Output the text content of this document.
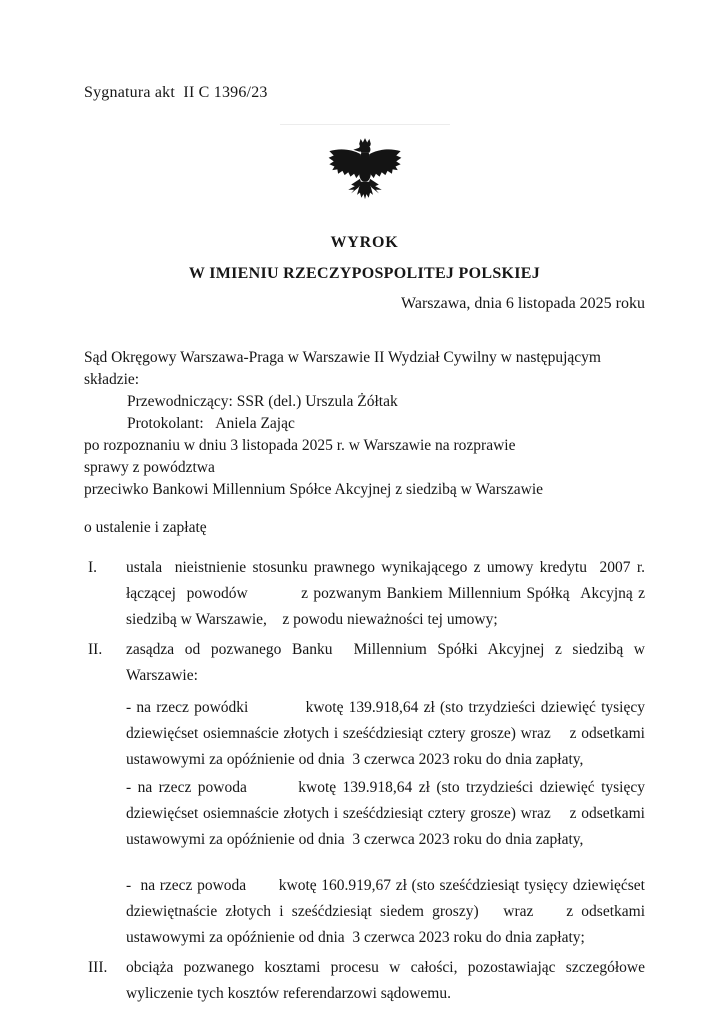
Sygnatura akt  II C 1396/23
WYROK
W IMIENIU RZECZYPOSPOLITEJ POLSKIEJ
Warszawa, dnia 6 listopada 2025 roku

Sąd Okręgowy Warszawa-Praga w Warszawie II Wydział Cywilny w następującym składzie:

Przewodniczący: SSR (del.) Urszula Żółtak

Protokolant:   Aniela Zając

po rozpoznaniu w dniu 3 listopada 2025 r. w Warszawie na rozprawie

sprawy z powództwa

przeciwko Bankowi Millennium Spółce Akcyjnej z siedzibą w Warszawie

o ustalenie i zapłatę

I.	ustala  nieistnienie stosunku prawnego wynikającego z umowy kredytu  2007 r. łączącej  powodów          z pozwanym Bankiem Millennium Spółką  Akcyjną z siedzibą w Warszawie,    z powodu nieważności tej umowy;

II.	zasądza od pozwanego Banku  Millennium Spółki Akcyjnej z siedzibą w Warszawie:

- na rzecz powódki           kwotę 139.918,64 zł (sto trzydzieści dziewięć tysięcy dziewięćset osiemnaście złotych i sześćdziesiąt cztery grosze) wraz    z odsetkami ustawowymi za opóźnienie od dnia  3 czerwca 2023 roku do dnia zapłaty,

- na rzecz powoda        kwotę 139.918,64 zł (sto trzydzieści dziewięć tysięcy dziewięćset osiemnaście złotych i sześćdziesiąt cztery grosze) wraz    z odsetkami ustawowymi za opóźnienie od dnia  3 czerwca 2023 roku do dnia zapłaty,

-  na rzecz powoda       kwotę 160.919,67 zł (sto sześćdziesiąt tysięcy dziewięćset dziewiętnaście złotych i sześćdziesiąt siedem groszy)   wraz    z odsetkami ustawowymi za opóźnienie od dnia  3 czerwca 2023 roku do dnia zapłaty;

III. obciąża pozwanego kosztami procesu w całości, pozostawiając szczegółowe wyliczenie tych kosztów referendarzowi sądowemu.
